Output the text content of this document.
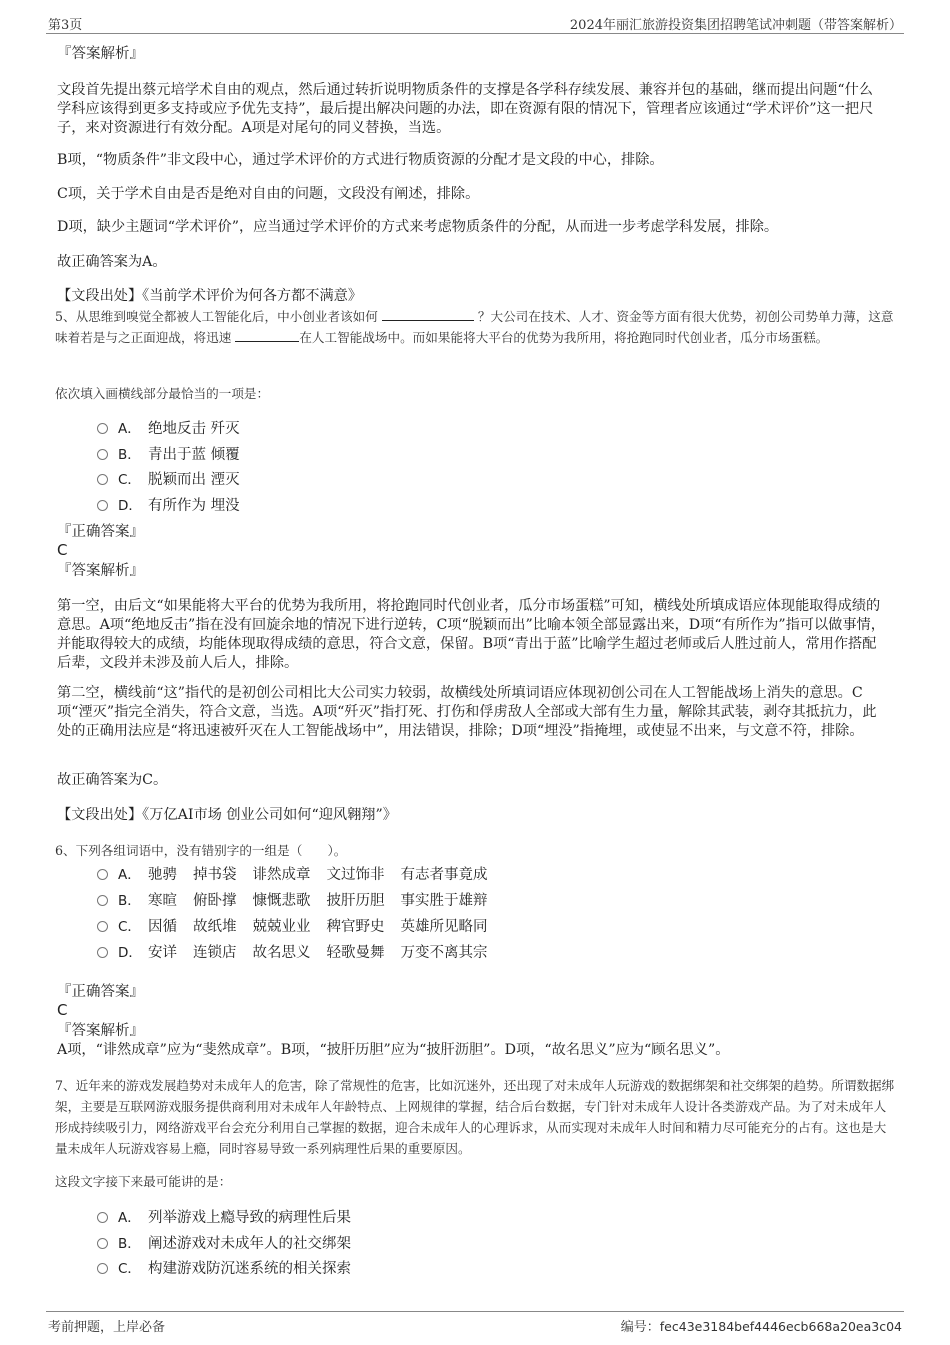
第3页	2024年丽汇旅游投资集团招聘笔试冲刺题（带答案解析）
『答案解析』
文段首先提出蔡元培学术自由的观点，然后通过转折说明物质条件的支撑是各学科存续发展、兼容并包的基础，继而提出问题“什么学科应该得到更多支持或应予优先支持”，最后提出解决问题的办法，即在资源有限的情况下，管理者应该通过“学术评价”这一把尺子，来对资源进行有效分配。A项是对尾句的同义替换，当选。
B项，“物质条件”非文段中心，通过学术评价的方式进行物质资源的分配才是文段的中心，排除。
C项，关于学术自由是否是绝对自由的问题，文段没有阐述，排除。
D项，缺少主题词“学术评价”，应当通过学术评价的方式来考虑物质条件的分配，从而进一步考虑学科发展，排除。
故正确答案为A。
【文段出处】《当前学术评价为何各方都不满意》
5、从思维到嗅觉全都被人工智能化后，中小创业者该如何	？大公司在技术、人才、资金等方面有很大优势，初创公司势单力薄，这意味着若是与之正面迎战，将迅速	在人工智能战场中。而如果能将大平台的优势为我所用，将抢跑同时代创业者，瓜分市场蛋糕。
依次填入画横线部分最恰当的一项是：
A． 绝地反击 歼灭
B． 青出于蓝 倾覆
C． 脱颖而出 湮灭
D． 有所作为 埋没
『正确答案』
C
『答案解析』
第一空，由后文“如果能将大平台的优势为我所用，将抢跑同时代创业者，瓜分市场蛋糕”可知，横线处所填成语应体现能取得成绩的意思。A项“绝地反击”指在没有回旋余地的情况下进行逆转，C项“脱颖而出”比喻本领全部显露出来，D项“有所作为”指可以做事情，并能取得较大的成绩，均能体现取得成绩的意思，符合文意，保留。B项“青出于蓝”比喻学生超过老师或后人胜过前人，常用作搭配后辈，文段并未涉及前人后人，排除。
第二空，横线前“这”指代的是初创公司相比大公司实力较弱，故横线处所填词语应体现初创公司在人工智能战场上消失的意思。C项“湮灭”指完全消失，符合文意，当选。A项“歼灭”指打死、打伤和俘虏敌人全部或大部有生力量，解除其武装，剥夺其抵抗力，此处的正确用法应是“将迅速被歼灭在人工智能战场中”，用法错误，排除；D项“埋没”指掩埋，或使显不出来，与文意不符，排除。
故正确答案为C。
【文段出处】《万亿AI市场 创业公司如何“迎风翱翔”》
6、下列各组词语中，没有错别字的一组是（　　）。
A． 驰骋 掉书袋 诽然成章 文过饰非 有志者事竟成
B． 寒暄 俯卧撑 慷慨悲歌 披肝历胆 事实胜于雄辩
C． 因循 故纸堆 兢兢业业 稗官野史 英雄所见略同
D． 安详 连锁店 故名思义 轻歌曼舞 万变不离其宗
『正确答案』
C
『答案解析』
A项，“诽然成章”应为“斐然成章”。B项，“披肝历胆”应为“披肝沥胆”。D项，“故名思义”应为“顾名思义”。
7、近年来的游戏发展趋势对未成年人的危害，除了常规性的危害，比如沉迷外，还出现了对未成年人玩游戏的数据绑架和社交绑架的趋势。所谓数据绑架，主要是互联网游戏服务提供商利用对未成年人年龄特点、上网规律的掌握，结合后台数据，专门针对未成年人设计各类游戏产品。为了对未成年人形成持续吸引力，网络游戏平台会充分利用自己掌握的数据，迎合未成年人的心理诉求，从而实现对未成年人时间和精力尽可能充分的占有。这也是大量未成年人玩游戏容易上瘾，同时容易导致一系列病理性后果的重要原因。
这段文字接下来最可能讲的是：
A． 列举游戏上瘾导致的病理性后果
B． 阐述游戏对未成年人的社交绑架
C． 构建游戏防沉迷系统的相关探索
考前押题，上岸必备	编号：fec43e3184bef4446ecb668a20ea3c04
